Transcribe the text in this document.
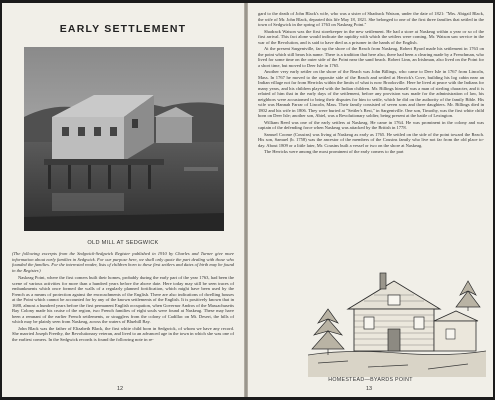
EARLY SETTLEMENT
OLD MILL AT SEDGWICK

(The following excerpts from the Sedgwick-Sedgwick Register published in 1910 by Charles and Turner give more information about early families in Sedgwick. For our purpose here, we shall only quote the part dealing with those who founded the families. For the interested reader, lists of children born to these first settlers and dates of birth may be found in the Register.)

Naskeag Point, where the first comers built their homes, probably during the early part of the year 1763, had been the scene of various activities for more than a hundred years before the above date. Here today may still be seen traces of embankments which once formed the walls of a regularly planned fortification, which might have been used by the French as a means of protection against the encroachments of the English. There are also indications of dwelling houses at the Point which cannot be accounted for by any of the known settlements of the English. It is positively known that in 1688, almost a hundred years before the first permanent English occupation, when Governor Andros of the Massachusetts Bay Colony made his cruise of the region, two French families of eight souls were found at Naskeag. These may have been a remnant of the earlier French settlements, or stragglers from the colony of Cadillac on Mt. Desert, the hills of which may be plainly seen from Naskeag, across the waters of Bluehill Bay.

John Black was the father of Elizabeth Black, the first white child born in Sedgwick, of whom we have any record. She married Joseph Freethy, the Revolutionary veteran, and lived to an advanced age in the town in which she was one of the earliest comers. In the Sedgwick records is found the following note in re-

12

gard to the death of John Black's wife, who was a sister of Shadrack Watson, under the date of 1821: "Mrs. Abigail Black, the wife of Mr. John Black, departed this life May 18, 1821. She belonged to one of the first three families that settled in the town of Sedgwick in the spring of 1763 on Naskeag Point."

Shadrack Watson was the first storekeeper in the new settlement. He had a store at Naskeag within a year or so of the first arrival. This fact alone would indicate the rapidity with which the settlers were coming. Mr. Watson saw service in the war of the Revolution, and is said to have died as a prisoner in the hands of the English.

At the present Sargentville, far up the shore of the Reach from Naskeag, Robert Byard made his settlement in 1763 on the point which still bears his name. There is a tradition that here also, there had been a clearing made by a Frenchman, who lived for some time on the outer side of the Point near the sand beach. Robert Linn, an Irishman, also lived on the Point for a short time, but moved to Deer Isle in 1765.

Another very early settler on the shore of the Reach was John Billings, who came to Deer Isle in 1767 from Lincoln, Mass. In 1767 he moved to the opposite side of the Reach and settled at Herrick's Cove, building his log cabin near an Indian village not far from Herricks within the limits of what is now Brooksville. Here he lived at peace with the Indians for many years, and his children played with the Indian children. Mr. Billings himself was a man of sterling character, and it is related of him that in the early days of the settlement, before any provision was made for the administration of law, his neighbors were accustomed to bring their disputes for him to settle, which he did on the authority of the family Bible. His wife was Hannah Farrar of Lincoln, Mass. Their family consisted of seven sons and three daughters. Mr. Billings died in 1802 and his wife in 1806. They were buried at "Settler's Rest," in Sargentville. One son, Timothy, was the first white child born on Deer Isle; another son, Abiel, was a Revolutionary soldier, being present at the battle of Lexington.

William Reed was one of the early settlers at Naskeag. He came in 1764. He was prominent in the colony and was captain of the defending force when Naskeag was attacked by the British in 1778.

Samuel Coome (Cousins) was living at Naskeag as early as 1765. He settled on the side of the point toward the Reach. His son, Samuel (b. 1758) was the ancestor of the members of the Cousins family who live not far from the old place to-day. About 1809 or a little later, Mr. Cousins built a vessel or two on the shore at Naskeag.

The Herricks were among the most prominent of the early comers to the part

HOMESTEAD—BYARDS POINT
13
